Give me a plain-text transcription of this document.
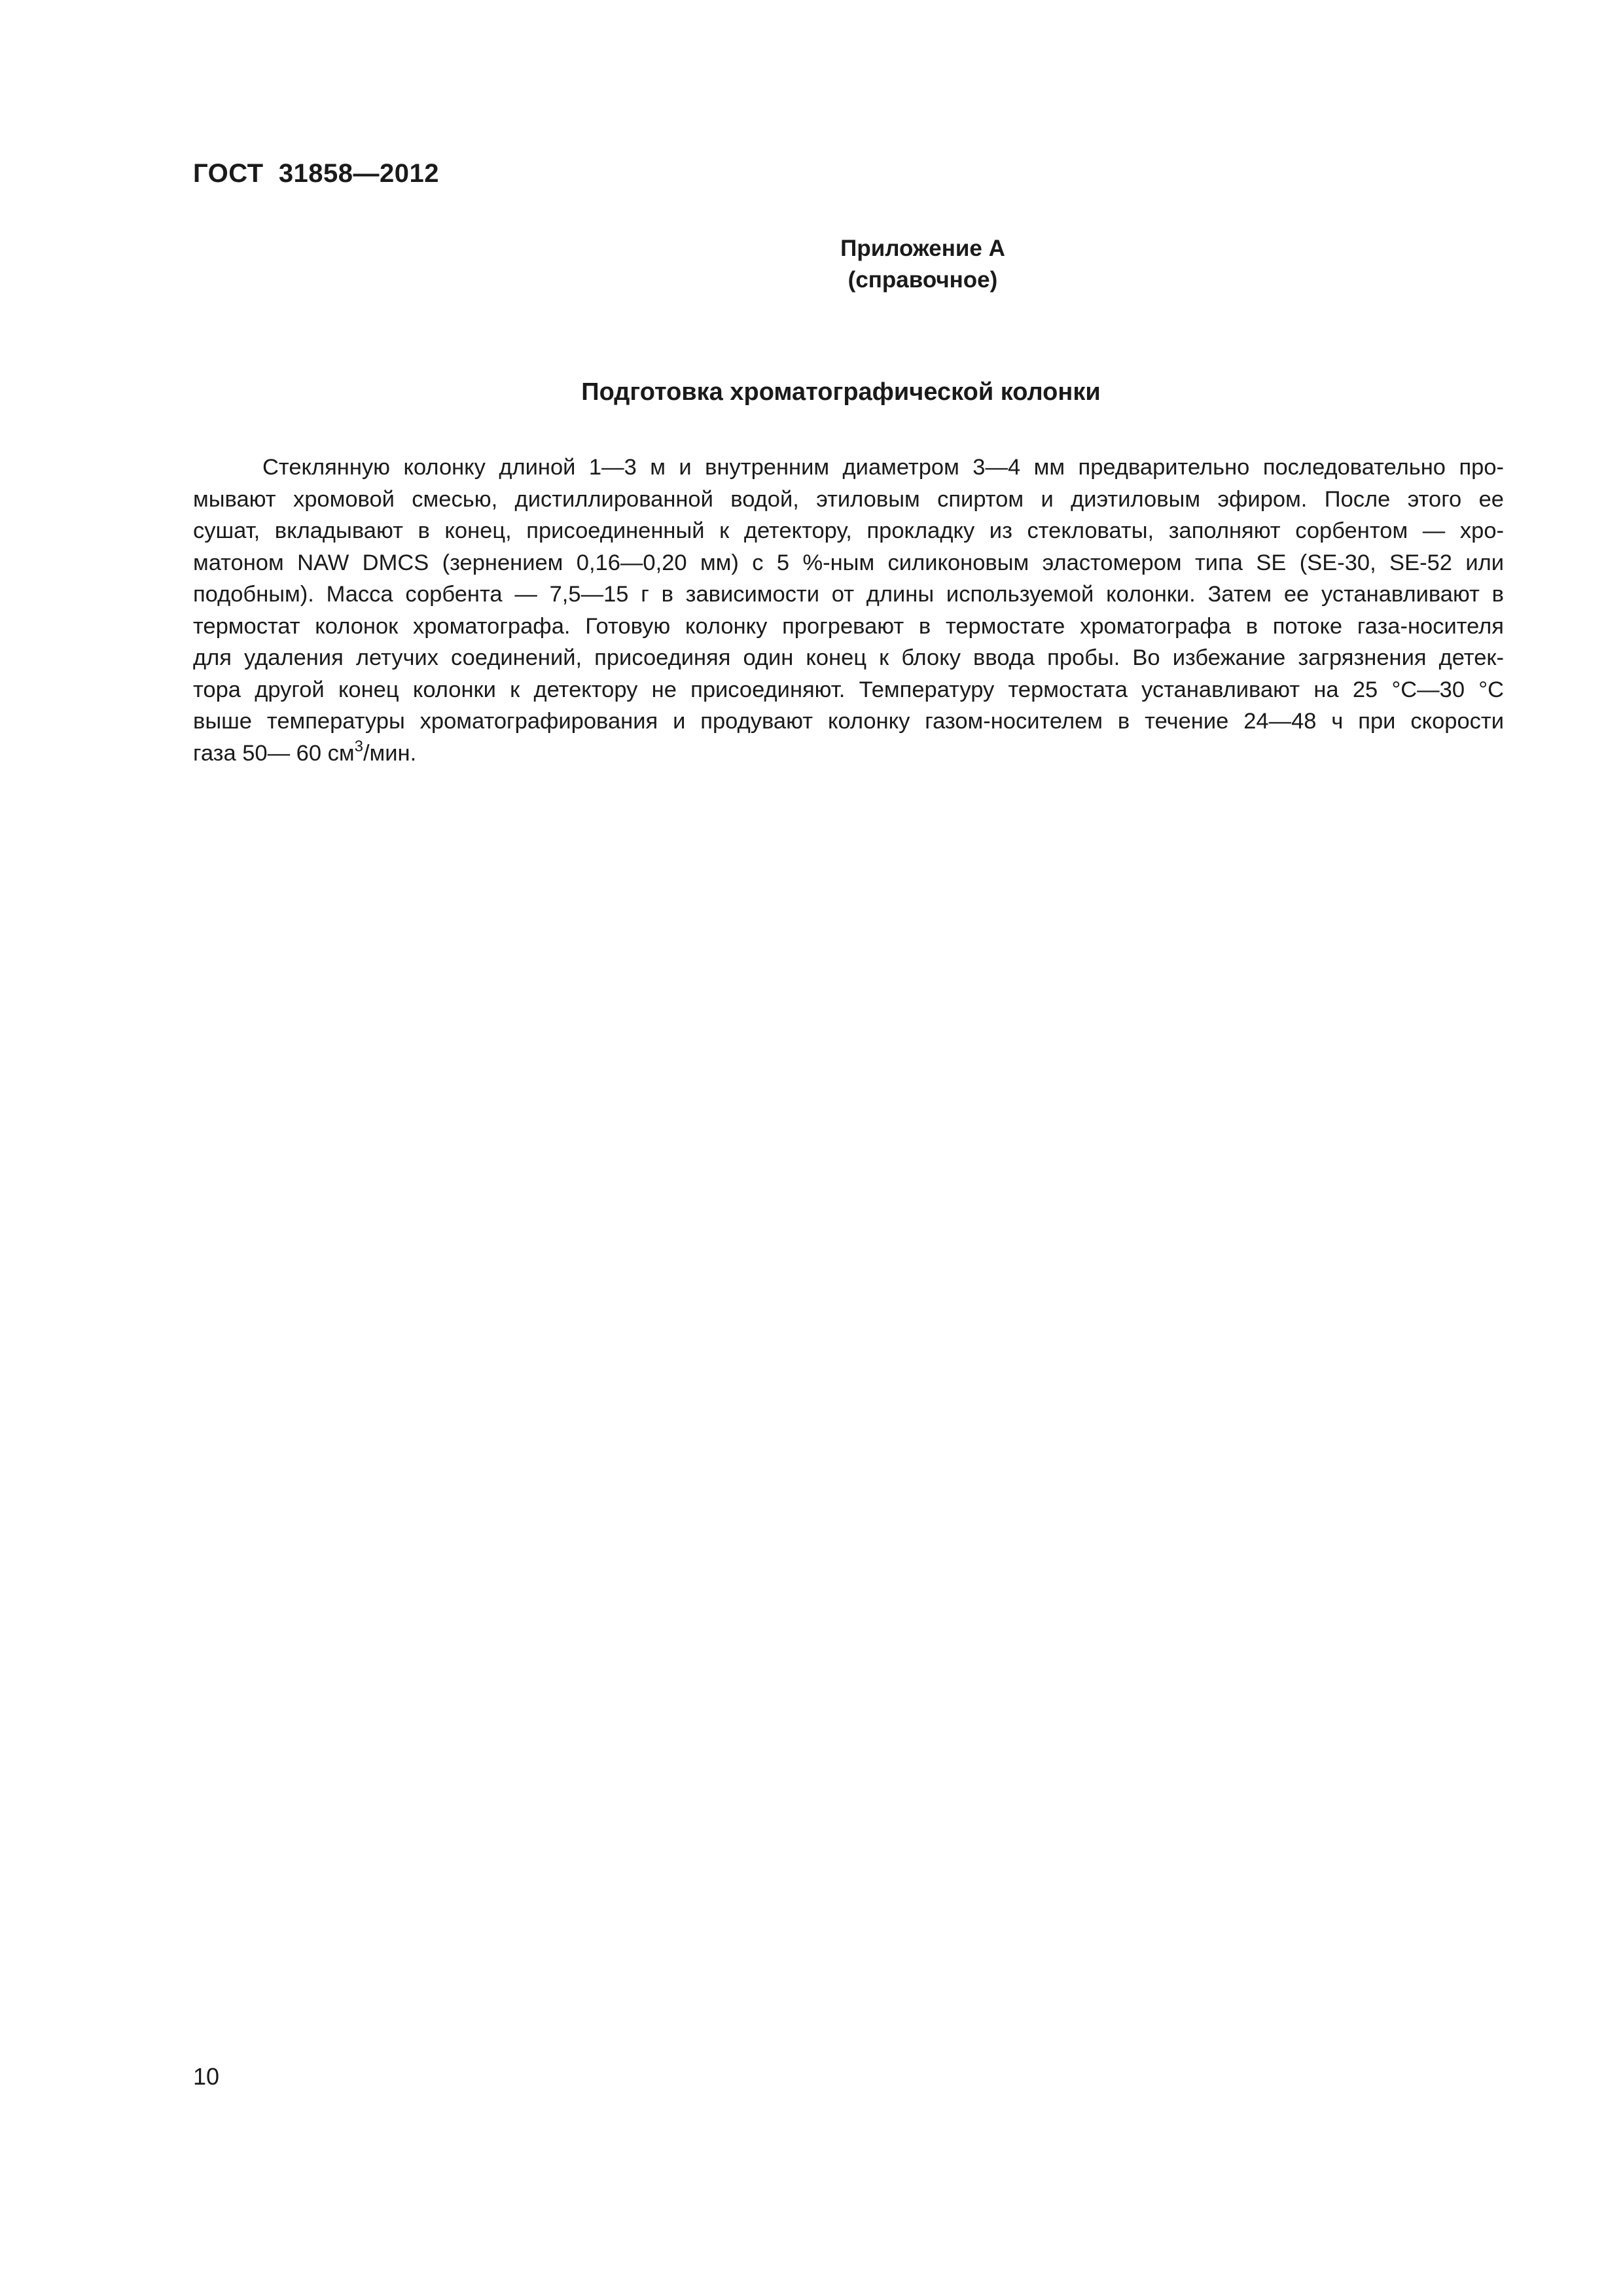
ГОСТ  31858—2012
Приложение А
(справочное)
Подготовка хроматографической колонки
Стеклянную колонку длиной 1—3 м и внутренним диаметром 3—4 мм предварительно последовательно про-
мывают хромовой смесью, дистиллированной водой, этиловым спиртом и диэтиловым эфиром. После этого ее
сушат, вкладывают в конец, присоединенный к детектору, прокладку из стекловаты, заполняют сорбентом — хро-
матоном NAW DMCS (зернением 0,16—0,20 мм) с 5 %-ным силиконовым эластомером типа SE (SE-30, SE-52 или
подобным). Масса сорбента — 7,5—15 г в зависимости от длины используемой колонки. Затем ее устанавливают в
термостат колонок хроматографа. Готовую колонку прогревают в термостате хроматографа в потоке газа-носителя
для удаления летучих соединений, присоединяя один конец к блоку ввода пробы. Во избежание загрязнения детек-
тора другой конец колонки к детектору не присоединяют. Температуру термостата устанавливают на 25 °С—30 °С
выше температуры хроматографирования и продувают колонку газом-носителем в течение 24—48 ч при скорости
газа 50— 60 $см^3$/мин.
10
